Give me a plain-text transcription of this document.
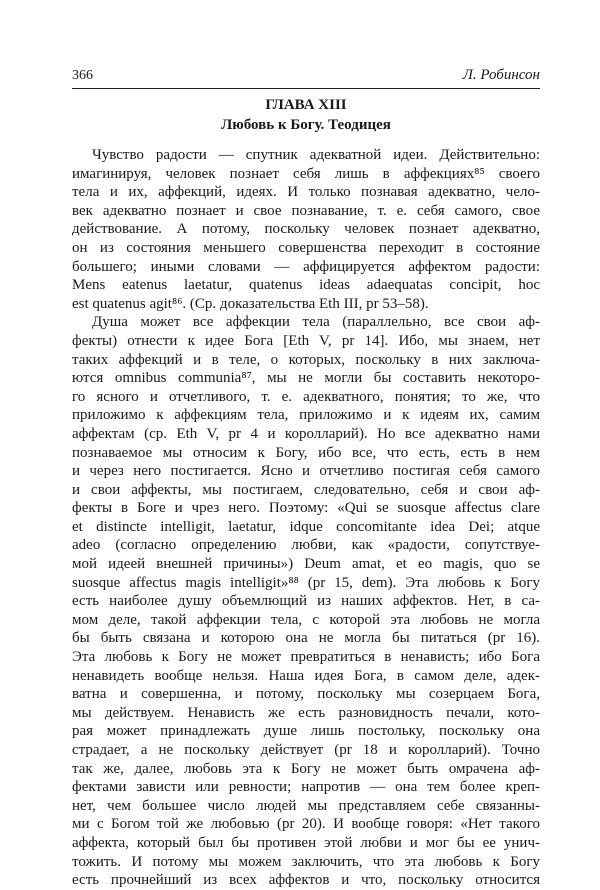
366	Л. Робинсон
ГЛАВА XIII
Любовь к Богу. Теодицея
Чувство радости — спутник адекватной идеи. Действительно:
имагинируя, человек познает себя лишь в аффекциях⁸⁵ своего
тела и их, аффекций, идеях. И только познавая адекватно, чело-
век адекватно познает и свое познавание, т. е. себя самого, свое
действование. А потому, поскольку человек познает адекватно,
он из состояния меньшего совершенства переходит в состояние
большего; иными словами — аффицируется аффектом радости:
Mens eatenus laetatur, quatenus ideas adaequatas concipit, hoc
est quatenus agit⁸⁶. (Ср. доказательства Eth III, pr 53–58).
Душа может все аффекции тела (параллельно, все свои аф-
фекты) отнести к идее Бога [Eth V, pr 14]. Ибо, мы знаем, нет
таких аффекций и в теле, о которых, поскольку в них заключа-
ются omnibus communia⁸⁷, мы не могли бы составить некоторо-
го ясного и отчетливого, т. е. адекватного, понятия; то же, что
приложимо к аффекциям тела, приложимо и к идеям их, самим
аффектам (ср. Eth V, pr 4 и королларий). Но все адекватно нами
познаваемое мы относим к Богу, ибо все, что есть, есть в нем
и через него постигается. Ясно и отчетливо постигая себя самого
и свои аффекты, мы постигаем, следовательно, себя и свои аф-
фекты в Боге и чрез него. Поэтому: «Qui se suosque affectus clare
et distincte intelligit, laetatur, idque concomitante idea Dei; atque
adeo (согласно определению любви, как «радости, сопутствуе-
мой идеей внешней причины») Deum amat, et eo magis, quo se
suosque affectus magis intelligit»⁸⁸ (pr 15, dem). Эта любовь к Богу
есть наиболее душу объемлющий из наших аффектов. Нет, в са-
мом деле, такой аффекции тела, с которой эта любовь не могла
бы быть связана и которою она не могла бы питаться (pr 16).
Эта любовь к Богу не может превратиться в ненависть; ибо Бога
ненавидеть вообще нельзя. Наша идея Бога, в самом деле, адек-
ватна и совершенна, и потому, поскольку мы созерцаем Бога,
мы действуем. Ненависть же есть разновидность печали, кото-
рая может принадлежать душе лишь постольку, поскольку она
страдает, а не поскольку действует (pr 18 и королларий). Точно
так же, далее, любовь эта к Богу не может быть омрачена аф-
фектами зависти или ревности; напротив — она тем более креп-
нет, чем большее число людей мы представляем себе связанны-
ми с Богом той же любовью (pr 20). И вообще говоря: «Нет такого
аффекта, который был бы противен этой любви и мог бы ее унич-
тожить. И потому мы можем заключить, что эта любовь к Богу
есть прочнейший из всех аффектов и что, поскольку относится
